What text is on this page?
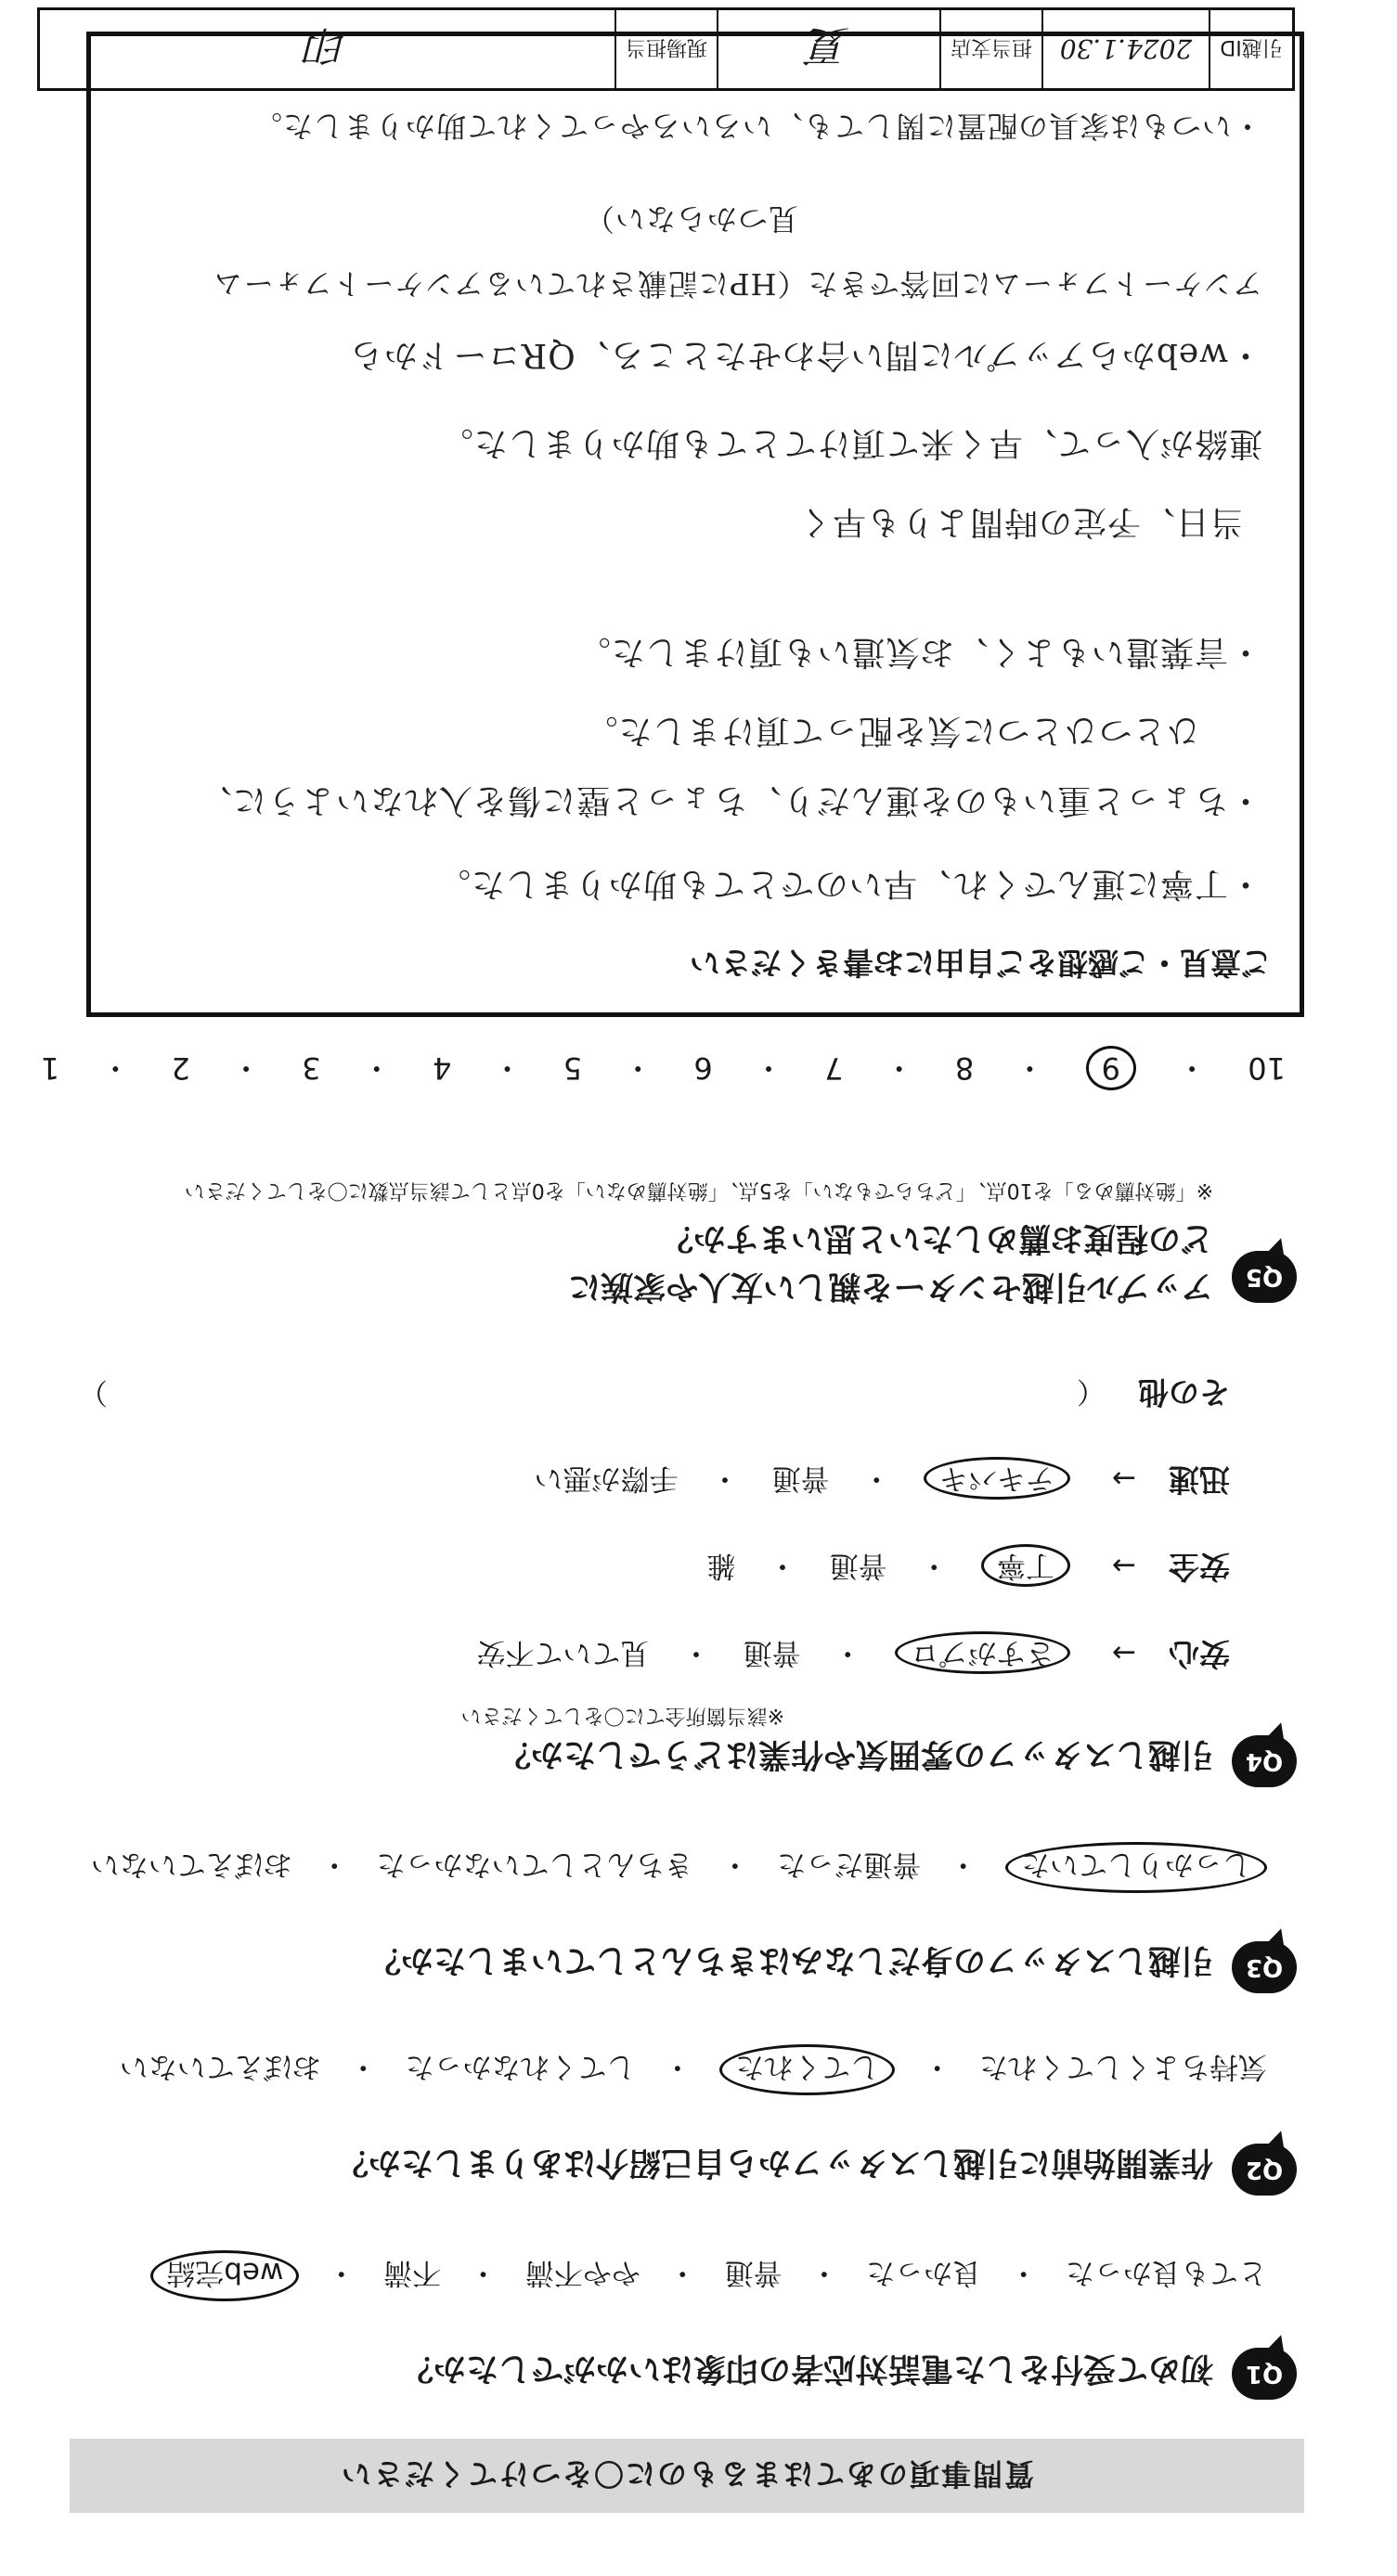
質問事項のあてはまるものに〇をつけてください
Q1
初めて受付をした電話対応者の印象はいかがでしたか？
とても良かった ・ 良かった ・ 普通 ・ やや不満 ・ 不満 ・ web完結
Q2
作業開始前に引越しスタッフから自己紹介はありましたか？
気持ちよくしてくれた ・ してくれた ・ してくれなかった ・ おぼえていない
Q3
引越しスタッフの身だしなみはきちんとしていましたか？
しっかりしていた ・ 普通だった ・ きちんとしていなかった ・ おぼえていない
Q4
引越しスタッフの雰囲気や作業はどうでしたか？
※該当箇所全てに〇をしてください
安心 → さすがプロ ・ 普通 ・ 見ていて不安
安全 → 丁寧 ・ 普通 ・ 雑
迅速 → テキパキ ・ 普通 ・ 手際が悪い
その他 （
）
Q5
アップル引越センターを親しい友人や家族に
どの程度お薦めしたいと思いますか？
※「絶対薦める」を10点、「どちらでもない」を5点、「絶対薦めない」を0点として該当点数に〇をしてください
10 ・ 9 ・ 8 ・ 7 ・ 6 ・ 5 ・ 4 ・ 3 ・ 2 ・ 1
ご意見・ご感想をご自由にお書きください
・丁寧に運んでくれ、早いのでとても助かりました。
・ちょっと重いものを運んだり、ちょっと壁に傷を入れないように、
　ひとつひとつに気を配って頂けました。
・言葉遣いもよく、お気遣いも頂けました。
当日、予定の時間よりも早く
連絡が入って、早く来て頂けてとても助かりました。
・webからアップルに問い合わせたところ、QRコードから
アンケートフォームに回答できた（HPに記載されているアンケートフォーム
見つからない）
・いつもは家具の配置に関しても、いろいろやってくれて助かりました。
引越ID
2024.1.30
担当支店
夏
現場担当
印
